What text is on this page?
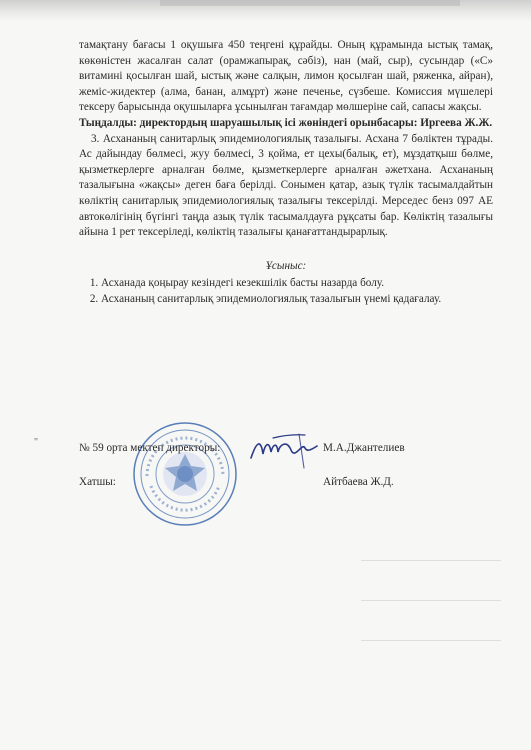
тамақтану бағасы 1 оқушыға 450 теңгені құрайды. Оның құрамында ыстық тамақ, көкөністен жасалған салат (орамжапырақ, сәбіз), нан (май, сыр), сусындар («С» витамині қосылған шай, ыстық және салқын, лимон қосылған шай, ряженка, айран), жеміс-жидектер (алма, банан, алмұрт) және печенье, сүзбеше. Комиссия мүшелері тексеру барысында оқушыларға ұсынылған тағамдар мөлшеріне сай, сапасы жақсы.

Тыңдалды: директордың шаруашылық ісі жөніндегі орынбасары: Иргеева Ж.Ж.

3. Асхананың санитарлық эпидемиологиялық тазалығы. Асхана 7 бөліктен тұрады. Ас дайындау бөлмесі, жуу бөлмесі, 3 қойма, ет цехы(балық, ет), мұздатқыш бөлме, қызметкерлерге арналған бөлме, қызметкерлерге арналған әжетхана. Асхананың тазалығына «жақсы» деген баға берілді. Сонымен қатар, азық түлік тасымалдайтын көліктің санитарлық эпидемиологиялық тазалығы тексерілді. Мерседес бенз 097 AE автокөлігінің бүгінгі таңда азық түлік тасымалдауға рұқсаты бар. Көліктің тазалығы айына 1 рет тексеріледі, көліктің тазалығы қанағаттандырарлық.

Ұсыныс:
1. Асханада қоңырау кезіндегі кезекшілік басты назарда болу.
2. Асхананың санитарлық эпидемиологиялық тазалығын үнемі қадағалау.
"	№ 59 орта мектеп директоры:	М.А.Джантелиев
Хатшы:	Айтбаева Ж.Д.
